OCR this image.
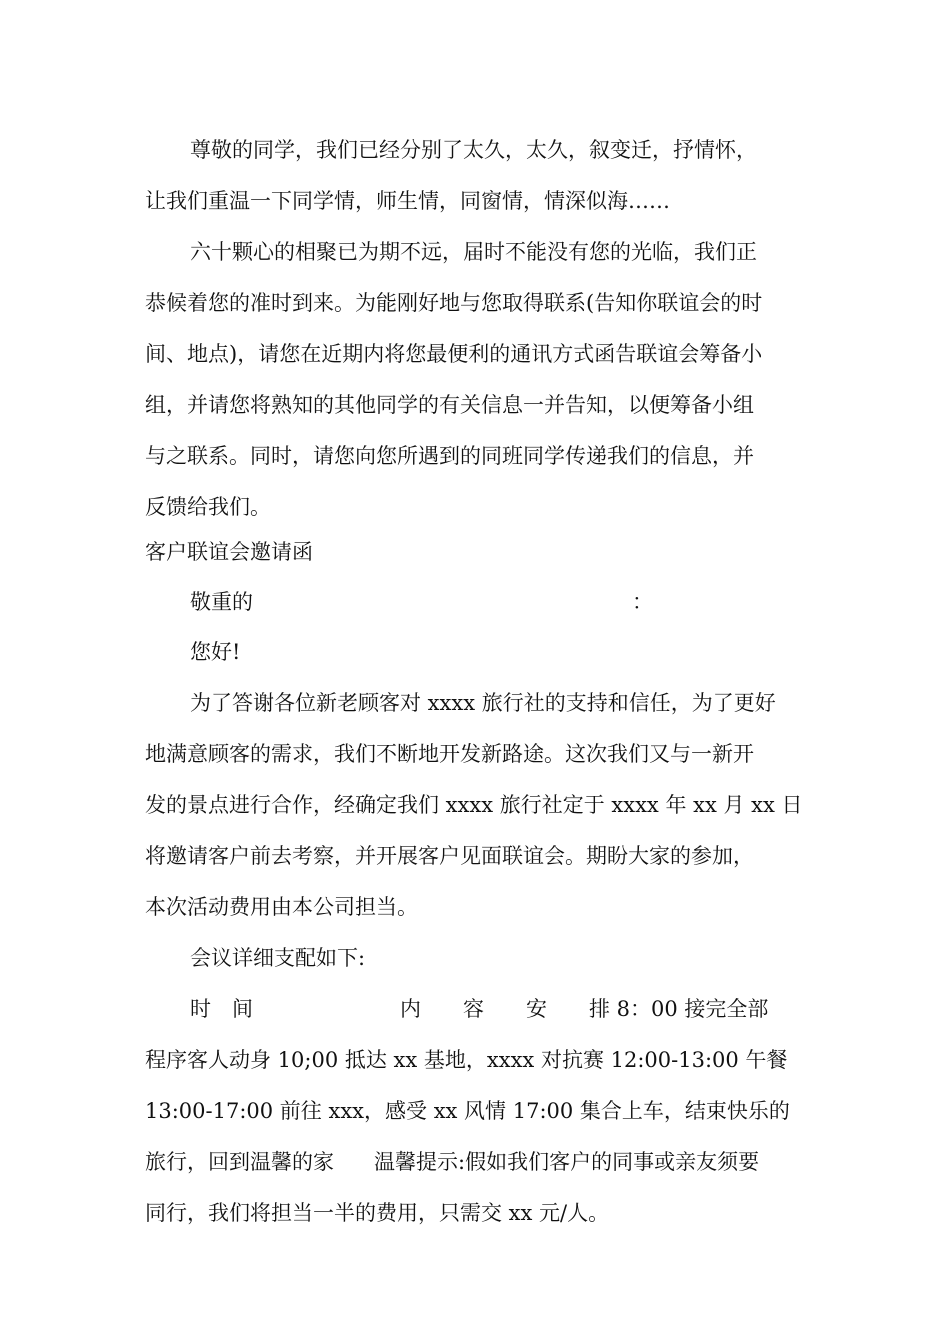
尊敬的同学，我们已经分别了太久，太久，叙变迁，抒情怀，
让我们重温一下同学情，师生情，同窗情，情深似海……
六十颗心的相聚已为期不远，届时不能没有您的光临，我们正
恭候着您的准时到来。为能刚好地与您取得联系(告知你联谊会的时
间、地点)，请您在近期内将您最便利的通讯方式函告联谊会筹备小
组，并请您将熟知的其他同学的有关信息一并告知，以便筹备小组
与之联系。同时，请您向您所遇到的同班同学传递我们的信息，并
反馈给我们。
客户联谊会邀请函
敬重的	：
您好!
为了答谢各位新老顾客对 xxxx 旅行社的支持和信任，为了更好
地满意顾客的需求，我们不断地开发新路途。这次我们又与一新开
发的景点进行合作，经确定我们 xxxx 旅行社定于 xxxx 年 xx 月 xx 日
将邀请客户前去考察，并开展客户见面联谊会。期盼大家的参加，
本次活动费用由本公司担当。
会议详细支配如下:
时　间　　　　　　　内　　容　　安　　排 8：00 接完全部
程序客人动身 10;00 抵达 xx 基地，xxxx 对抗赛 12:00-13:00 午餐
13:00-17:00 前往 xxx，感受 xx 风情 17:00 集合上车，结束快乐的
旅行，回到温馨的家 温馨提示:假如我们客户的同事或亲友须要
同行，我们将担当一半的费用，只需交 xx 元/人。
